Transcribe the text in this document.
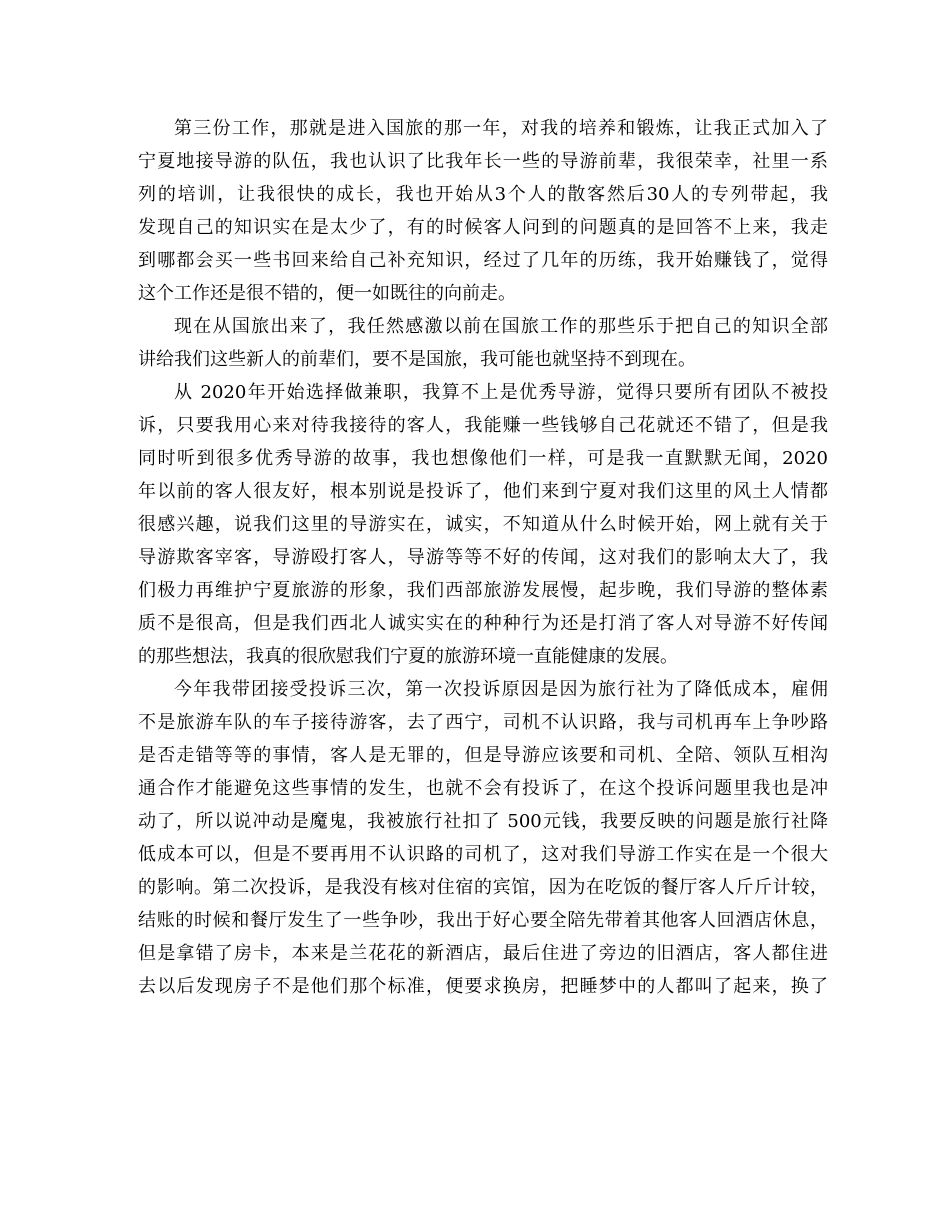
第三份工作，那就是进入国旅的那一年，对我的培养和锻炼，让我正式加入了
宁夏地接导游的队伍，我也认识了比我年长一些的导游前辈，我很荣幸，社里一系
列的培训，让我很快的成长，我也开始从3个人的散客然后30人的专列带起，我
发现自己的知识实在是太少了，有的时候客人问到的问题真的是回答不上来，我走
到哪都会买一些书回来给自己补充知识，经过了几年的历练，我开始赚钱了，觉得
这个工作还是很不错的，便一如既往的向前走。
现在从国旅出来了，我任然感激以前在国旅工作的那些乐于把自己的知识全部
讲给我们这些新人的前辈们，要不是国旅，我可能也就坚持不到现在。
从 2020年开始选择做兼职，我算不上是优秀导游，觉得只要所有团队不被投
诉，只要我用心来对待我接待的客人，我能赚一些钱够自己花就还不错了，但是我
同时听到很多优秀导游的故事，我也想像他们一样，可是我一直默默无闻，2020
年以前的客人很友好，根本别说是投诉了，他们来到宁夏对我们这里的风土人情都
很感兴趣，说我们这里的导游实在，诚实，不知道从什么时候开始，网上就有关于
导游欺客宰客，导游殴打客人，导游等等不好的传闻，这对我们的影响太大了，我
们极力再维护宁夏旅游的形象，我们西部旅游发展慢，起步晚，我们导游的整体素
质不是很高，但是我们西北人诚实实在的种种行为还是打消了客人对导游不好传闻
的那些想法，我真的很欣慰我们宁夏的旅游环境一直能健康的发展。
今年我带团接受投诉三次，第一次投诉原因是因为旅行社为了降低成本，雇佣
不是旅游车队的车子接待游客，去了西宁，司机不认识路，我与司机再车上争吵路
是否走错等等的事情，客人是无罪的，但是导游应该要和司机、全陪、领队互相沟
通合作才能避免这些事情的发生，也就不会有投诉了，在这个投诉问题里我也是冲
动了，所以说冲动是魔鬼，我被旅行社扣了 500元钱，我要反映的问题是旅行社降
低成本可以，但是不要再用不认识路的司机了，这对我们导游工作实在是一个很大
的影响。第二次投诉，是我没有核对住宿的宾馆，因为在吃饭的餐厅客人斤斤计较，
结账的时候和餐厅发生了一些争吵，我出于好心要全陪先带着其他客人回酒店休息，
但是拿错了房卡，本来是兰花花的新酒店，最后住进了旁边的旧酒店，客人都住进
去以后发现房子不是他们那个标准，便要求换房，把睡梦中的人都叫了起来，换了
